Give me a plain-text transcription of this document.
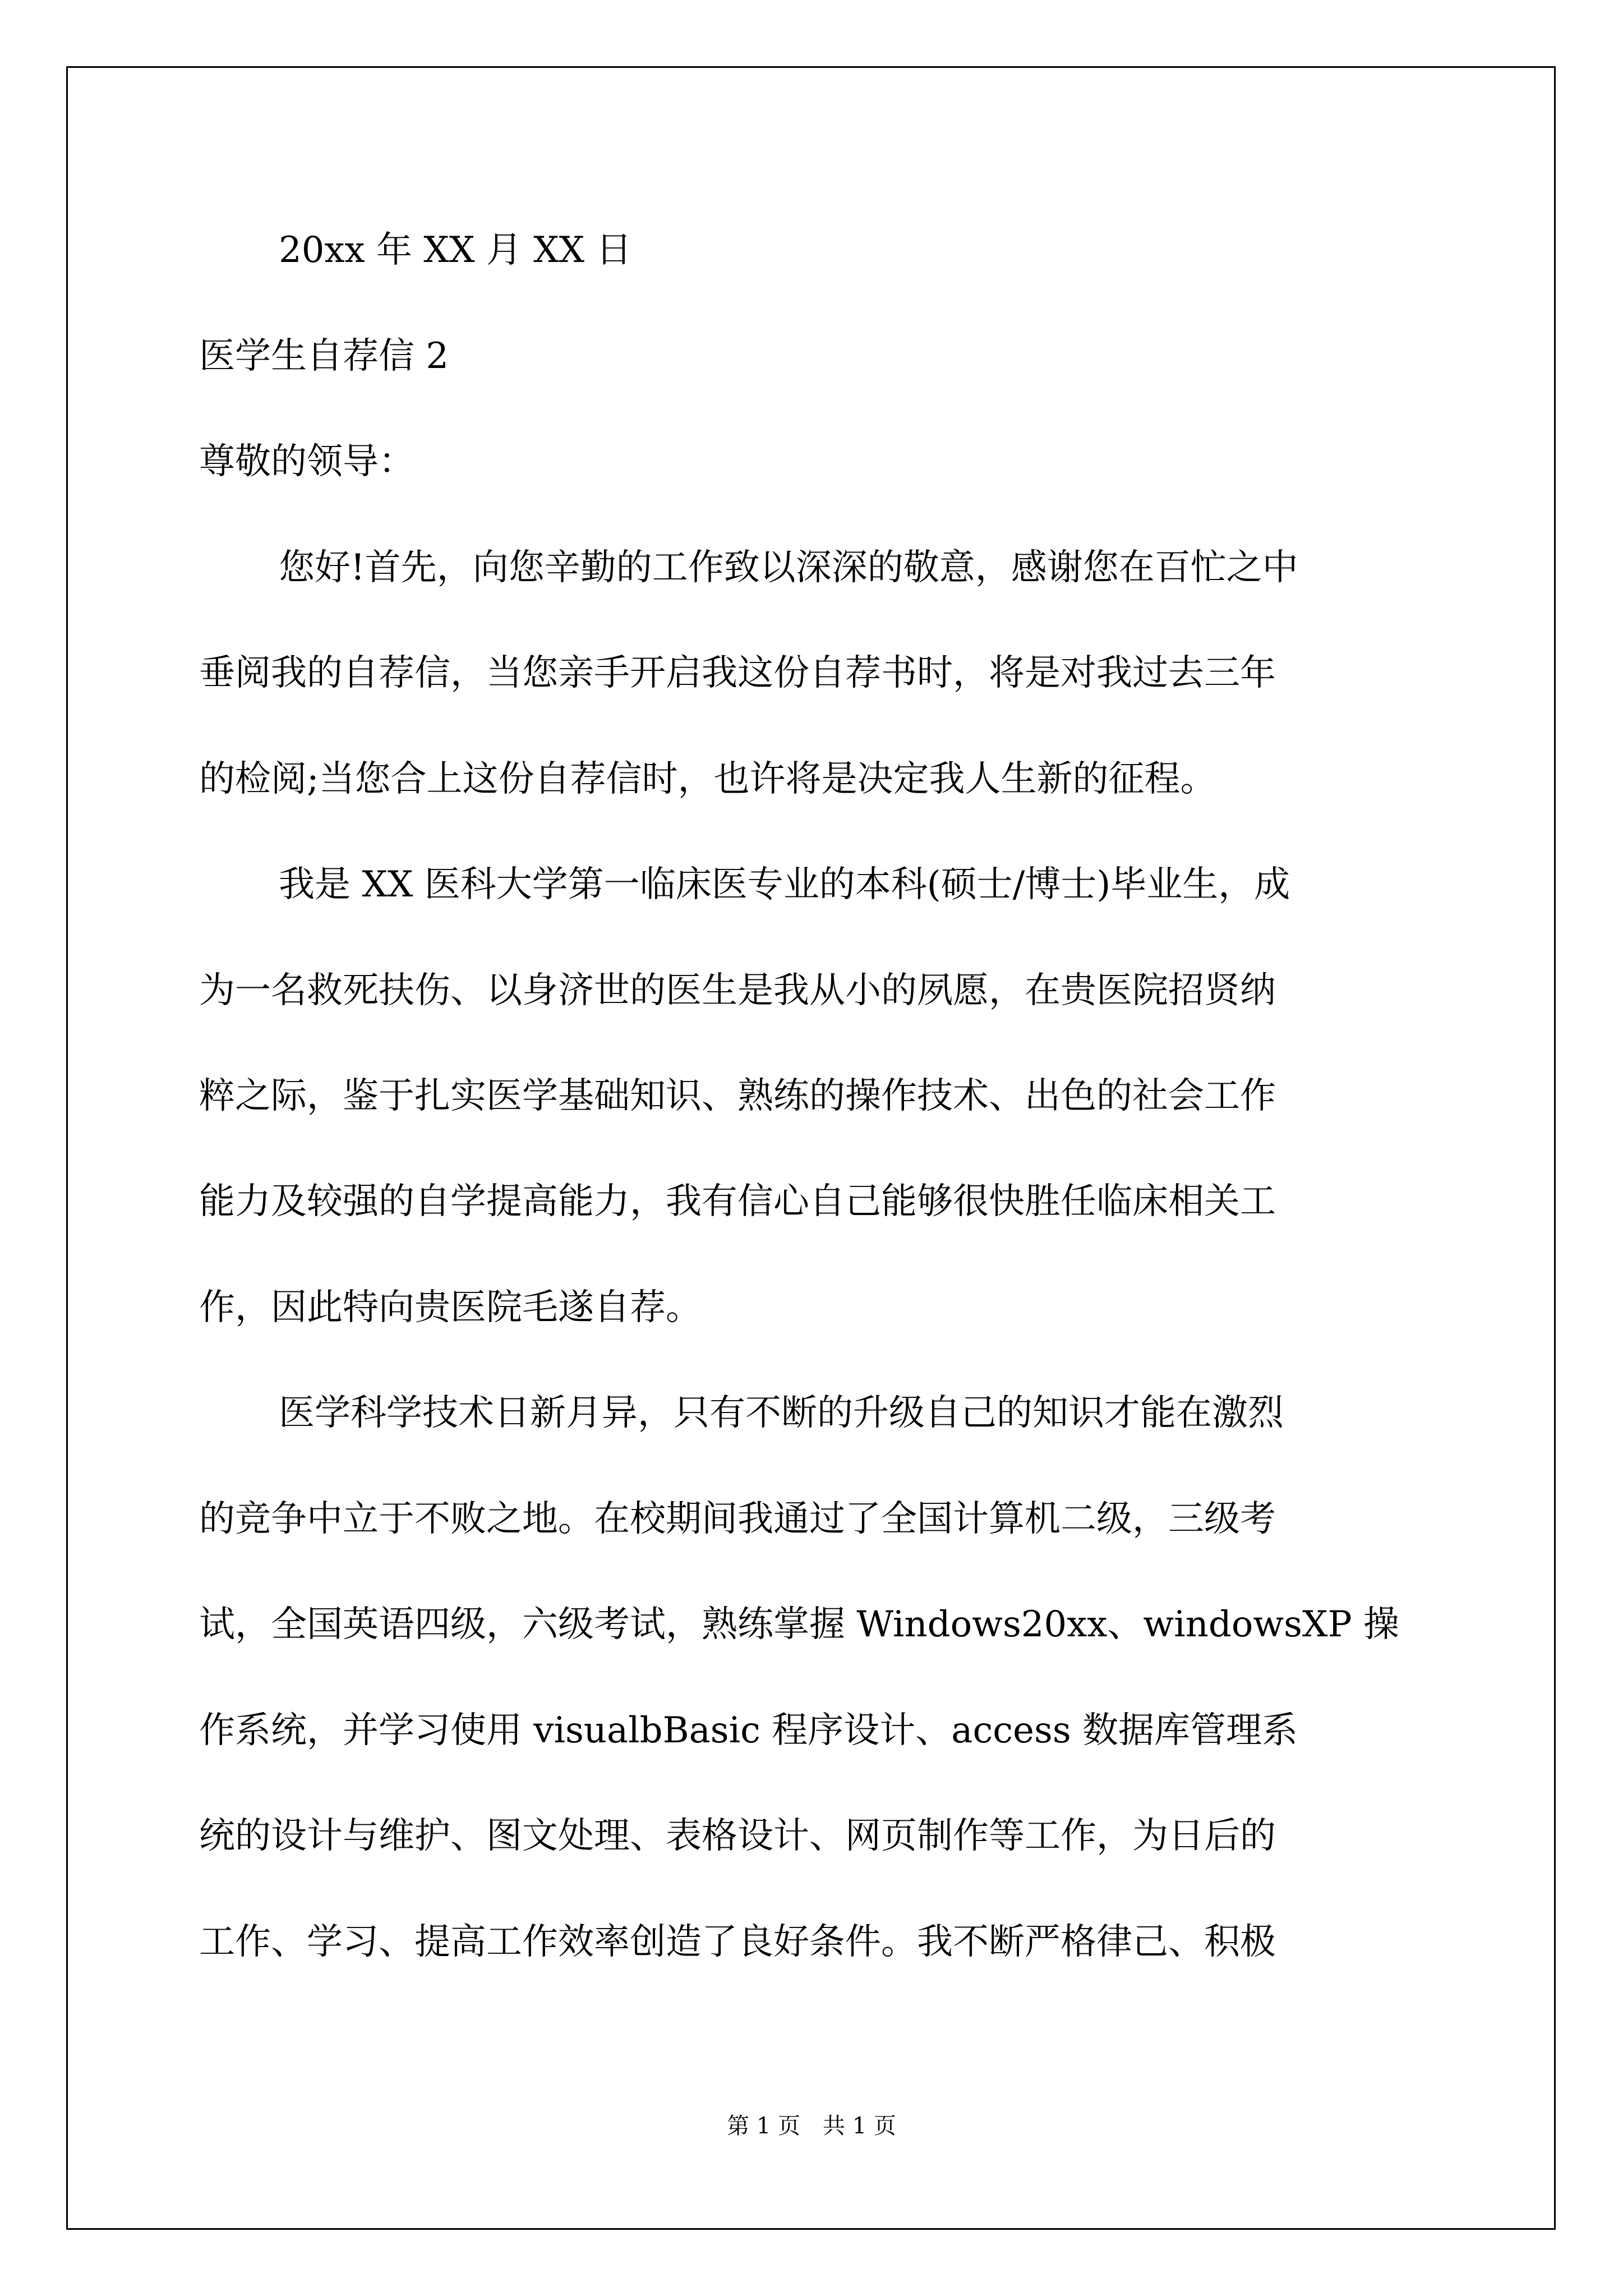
20xx 年 XX 月 XX 日

医学生自荐信 2

尊敬的领导：

您好!首先，向您辛勤的工作致以深深的敬意，感谢您在百忙之中

垂阅我的自荐信，当您亲手开启我这份自荐书时，将是对我过去三年

的检阅;当您合上这份自荐信时，也许将是决定我人生新的征程。

我是 XX 医科大学第一临床医专业的本科(硕士/博士)毕业生，成

为一名救死扶伤、以身济世的医生是我从小的夙愿，在贵医院招贤纳

粹之际，鉴于扎实医学基础知识、熟练的操作技术、出色的社会工作

能力及较强的自学提高能力，我有信心自己能够很快胜任临床相关工

作，因此特向贵医院毛遂自荐。

医学科学技术日新月异，只有不断的升级自己的知识才能在激烈

的竞争中立于不败之地。在校期间我通过了全国计算机二级，三级考

试，全国英语四级，六级考试，熟练掌握 Windows20xx、windowsXP 操

作系统，并学习使用 visualbBasic 程序设计、access 数据库管理系

统的设计与维护、图文处理、表格设计、网页制作等工作，为日后的

工作、学习、提高工作效率创造了良好条件。我不断严格律己、积极

第 1 页　共 1 页
